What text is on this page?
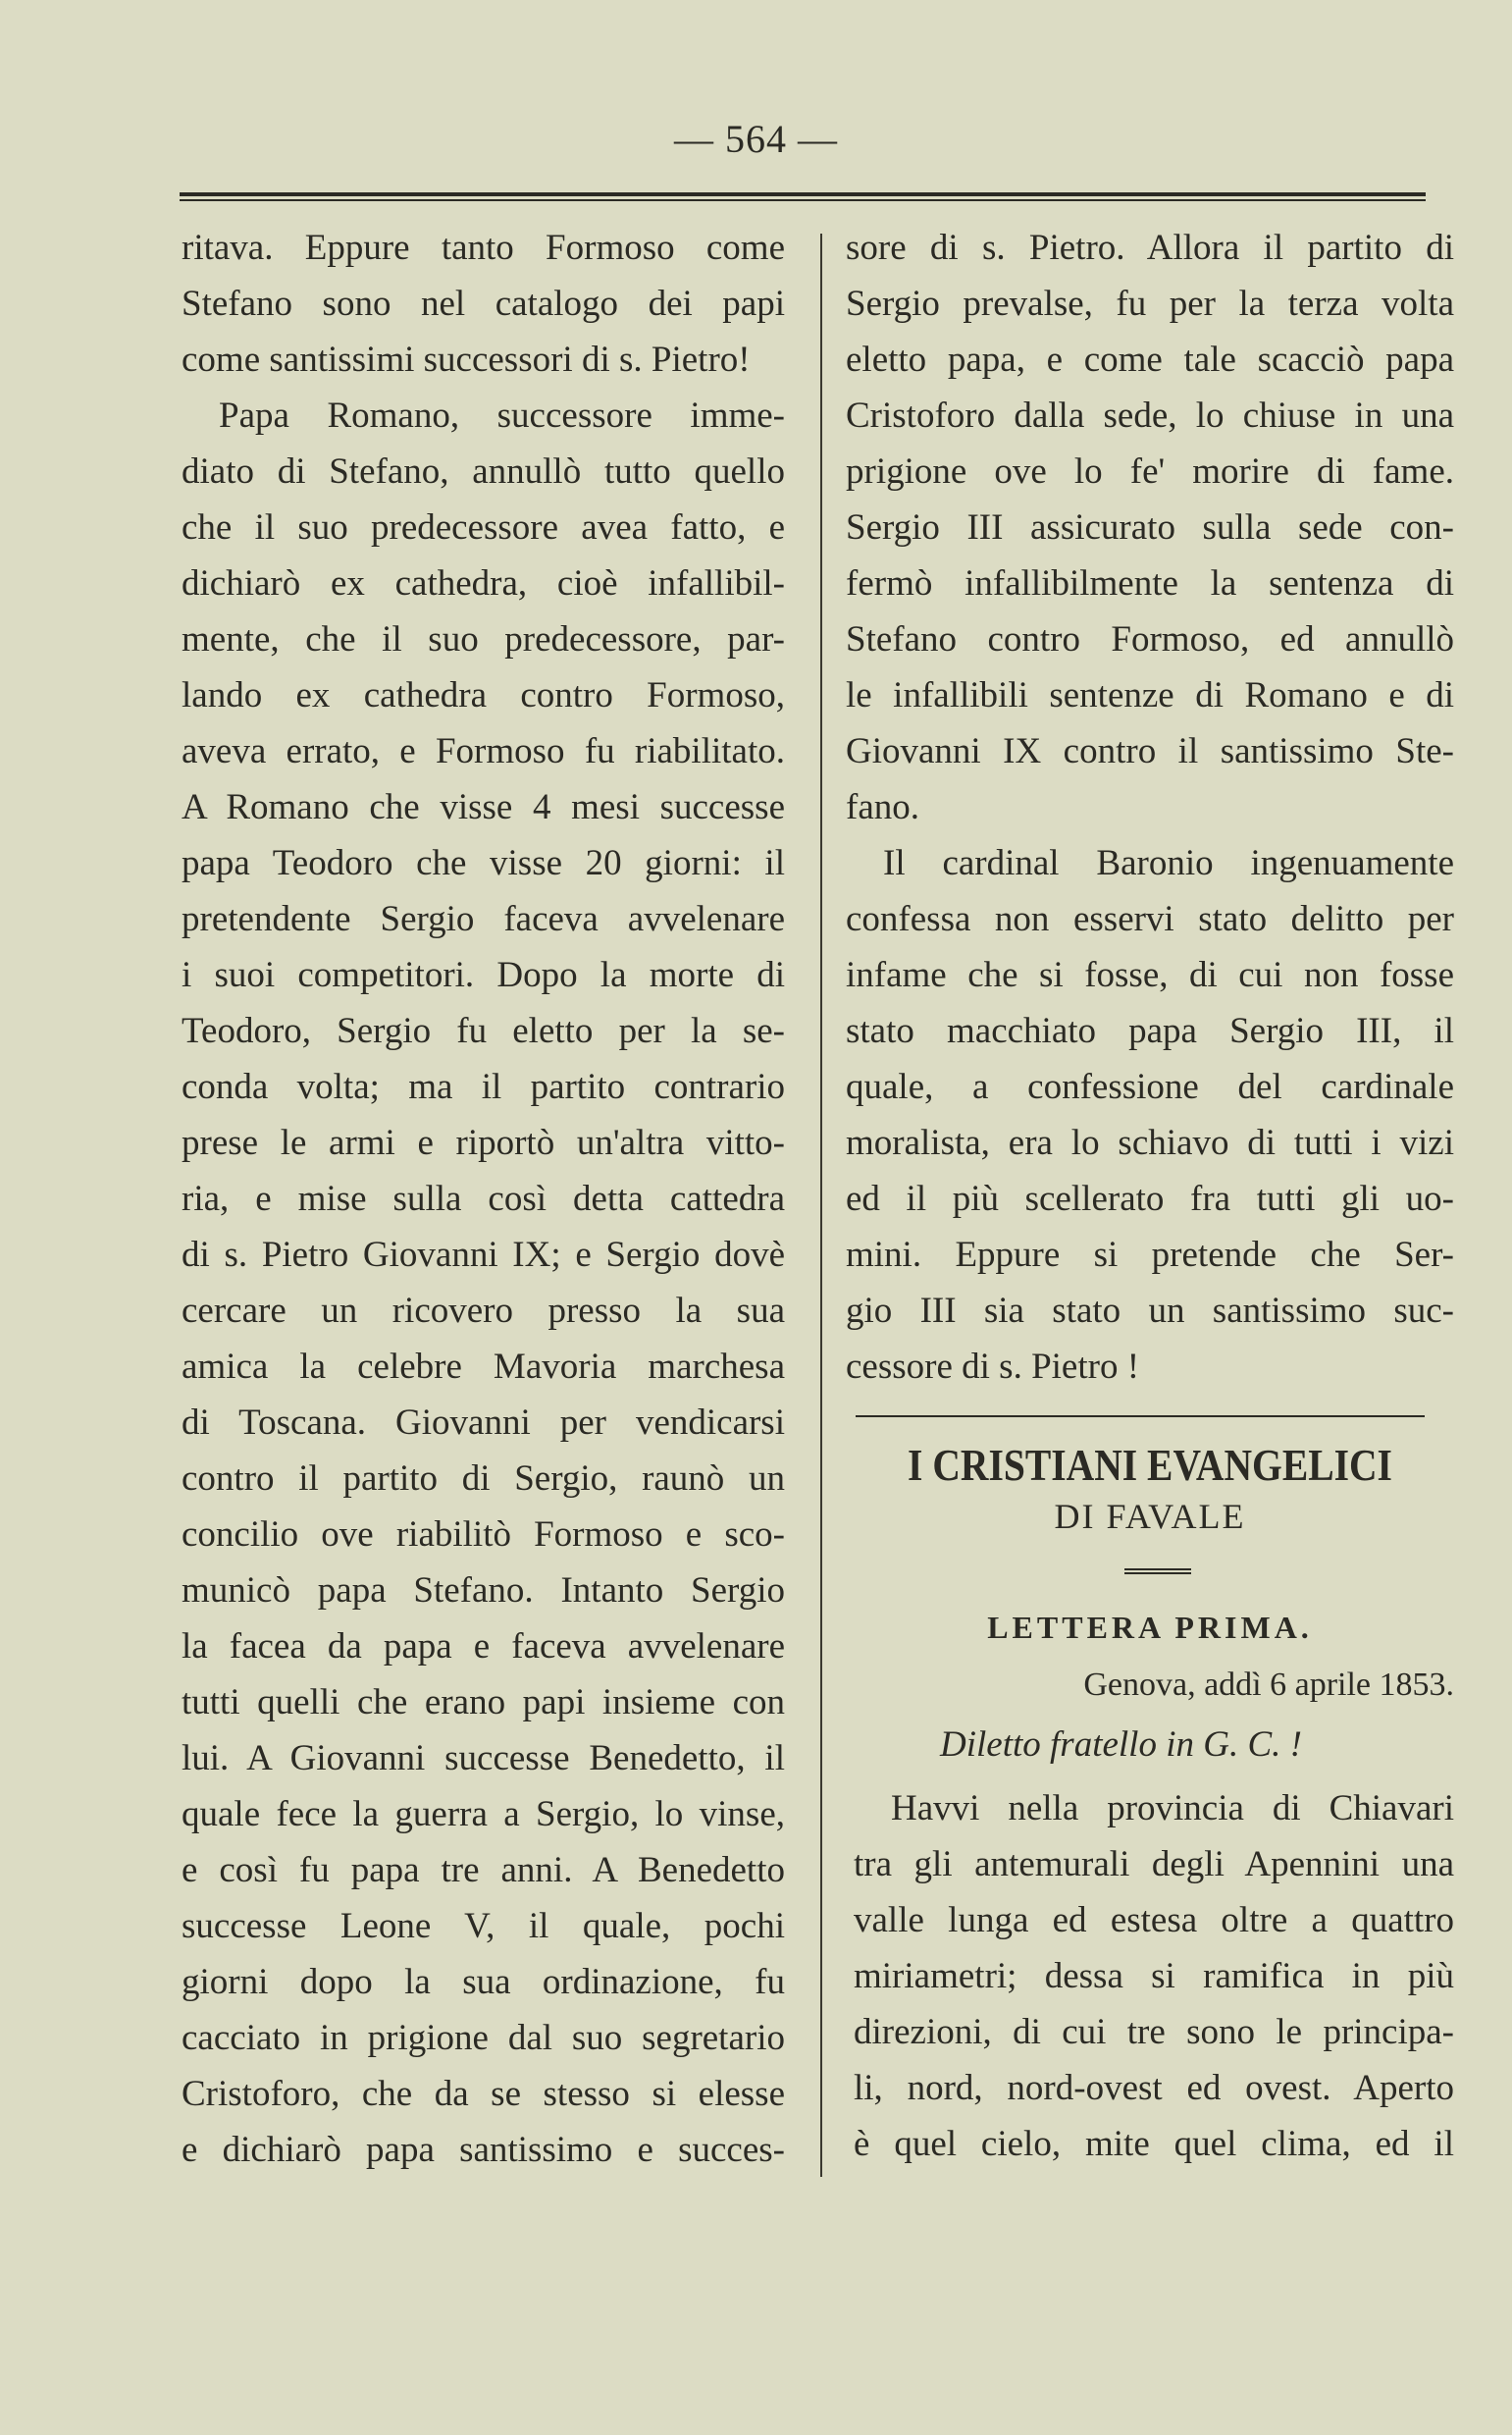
— 564 —
ritava. Eppure tanto Formoso come
Stefano sono nel catalogo dei papi
come santissimi successori di s. Pietro!
Papa Romano, successore imme-
diato di Stefano, annullò tutto quello
che il suo predecessore avea fatto, e
dichiarò ex cathedra, cioè infallibil-
mente, che il suo predecessore, par-
lando ex cathedra contro Formoso,
aveva errato, e Formoso fu riabilitato.
A Romano che visse 4 mesi successe
papa Teodoro che visse 20 giorni: il
pretendente Sergio faceva avvelenare
i suoi competitori. Dopo la morte di
Teodoro, Sergio fu eletto per la se-
conda volta; ma il partito contrario
prese le armi e riportò un'altra vitto-
ria, e mise sulla così detta cattedra
di s. Pietro Giovanni IX; e Sergio dovè
cercare un ricovero presso la sua
amica la celebre Mavoria marchesa
di Toscana. Giovanni per vendicarsi
contro il partito di Sergio, raunò un
concilio ove riabilitò Formoso e sco-
municò papa Stefano. Intanto Sergio
la facea da papa e faceva avvelenare
tutti quelli che erano papi insieme con
lui. A Giovanni successe Benedetto, il
quale fece la guerra a Sergio, lo vinse,
e così fu papa tre anni. A Benedetto
successe Leone V, il quale, pochi
giorni dopo la sua ordinazione, fu
cacciato in prigione dal suo segretario
Cristoforo, che da se stesso si elesse
e dichiarò papa santissimo e succes-
sore di s. Pietro. Allora il partito di
Sergio prevalse, fu per la terza volta
eletto papa, e come tale scacciò papa
Cristoforo dalla sede, lo chiuse in una
prigione ove lo fe' morire di fame.
Sergio III assicurato sulla sede con-
fermò infallibilmente la sentenza di
Stefano contro Formoso, ed annullò
le infallibili sentenze di Romano e di
Giovanni IX contro il santissimo Ste-
fano.
Il cardinal Baronio ingenuamente
confessa non esservi stato delitto per
infame che si fosse, di cui non fosse
stato macchiato papa Sergio III, il
quale, a confessione del cardinale
moralista, era lo schiavo di tutti i vizi
ed il più scellerato fra tutti gli uo-
mini. Eppure si pretende che Ser-
gio III sia stato un santissimo suc-
cessore di s. Pietro !
I CRISTIANI EVANGELICI
DI FAVALE
LETTERA PRIMA.
Genova, addì 6 aprile 1853.
Diletto fratello in G. C. !
Havvi nella provincia di Chiavari
tra gli antemurali degli Apennini una
valle lunga ed estesa oltre a quattro
miriametri; dessa si ramifica in più
direzioni, di cui tre sono le principa-
li, nord, nord-ovest ed ovest. Aperto
è quel cielo, mite quel clima, ed il
